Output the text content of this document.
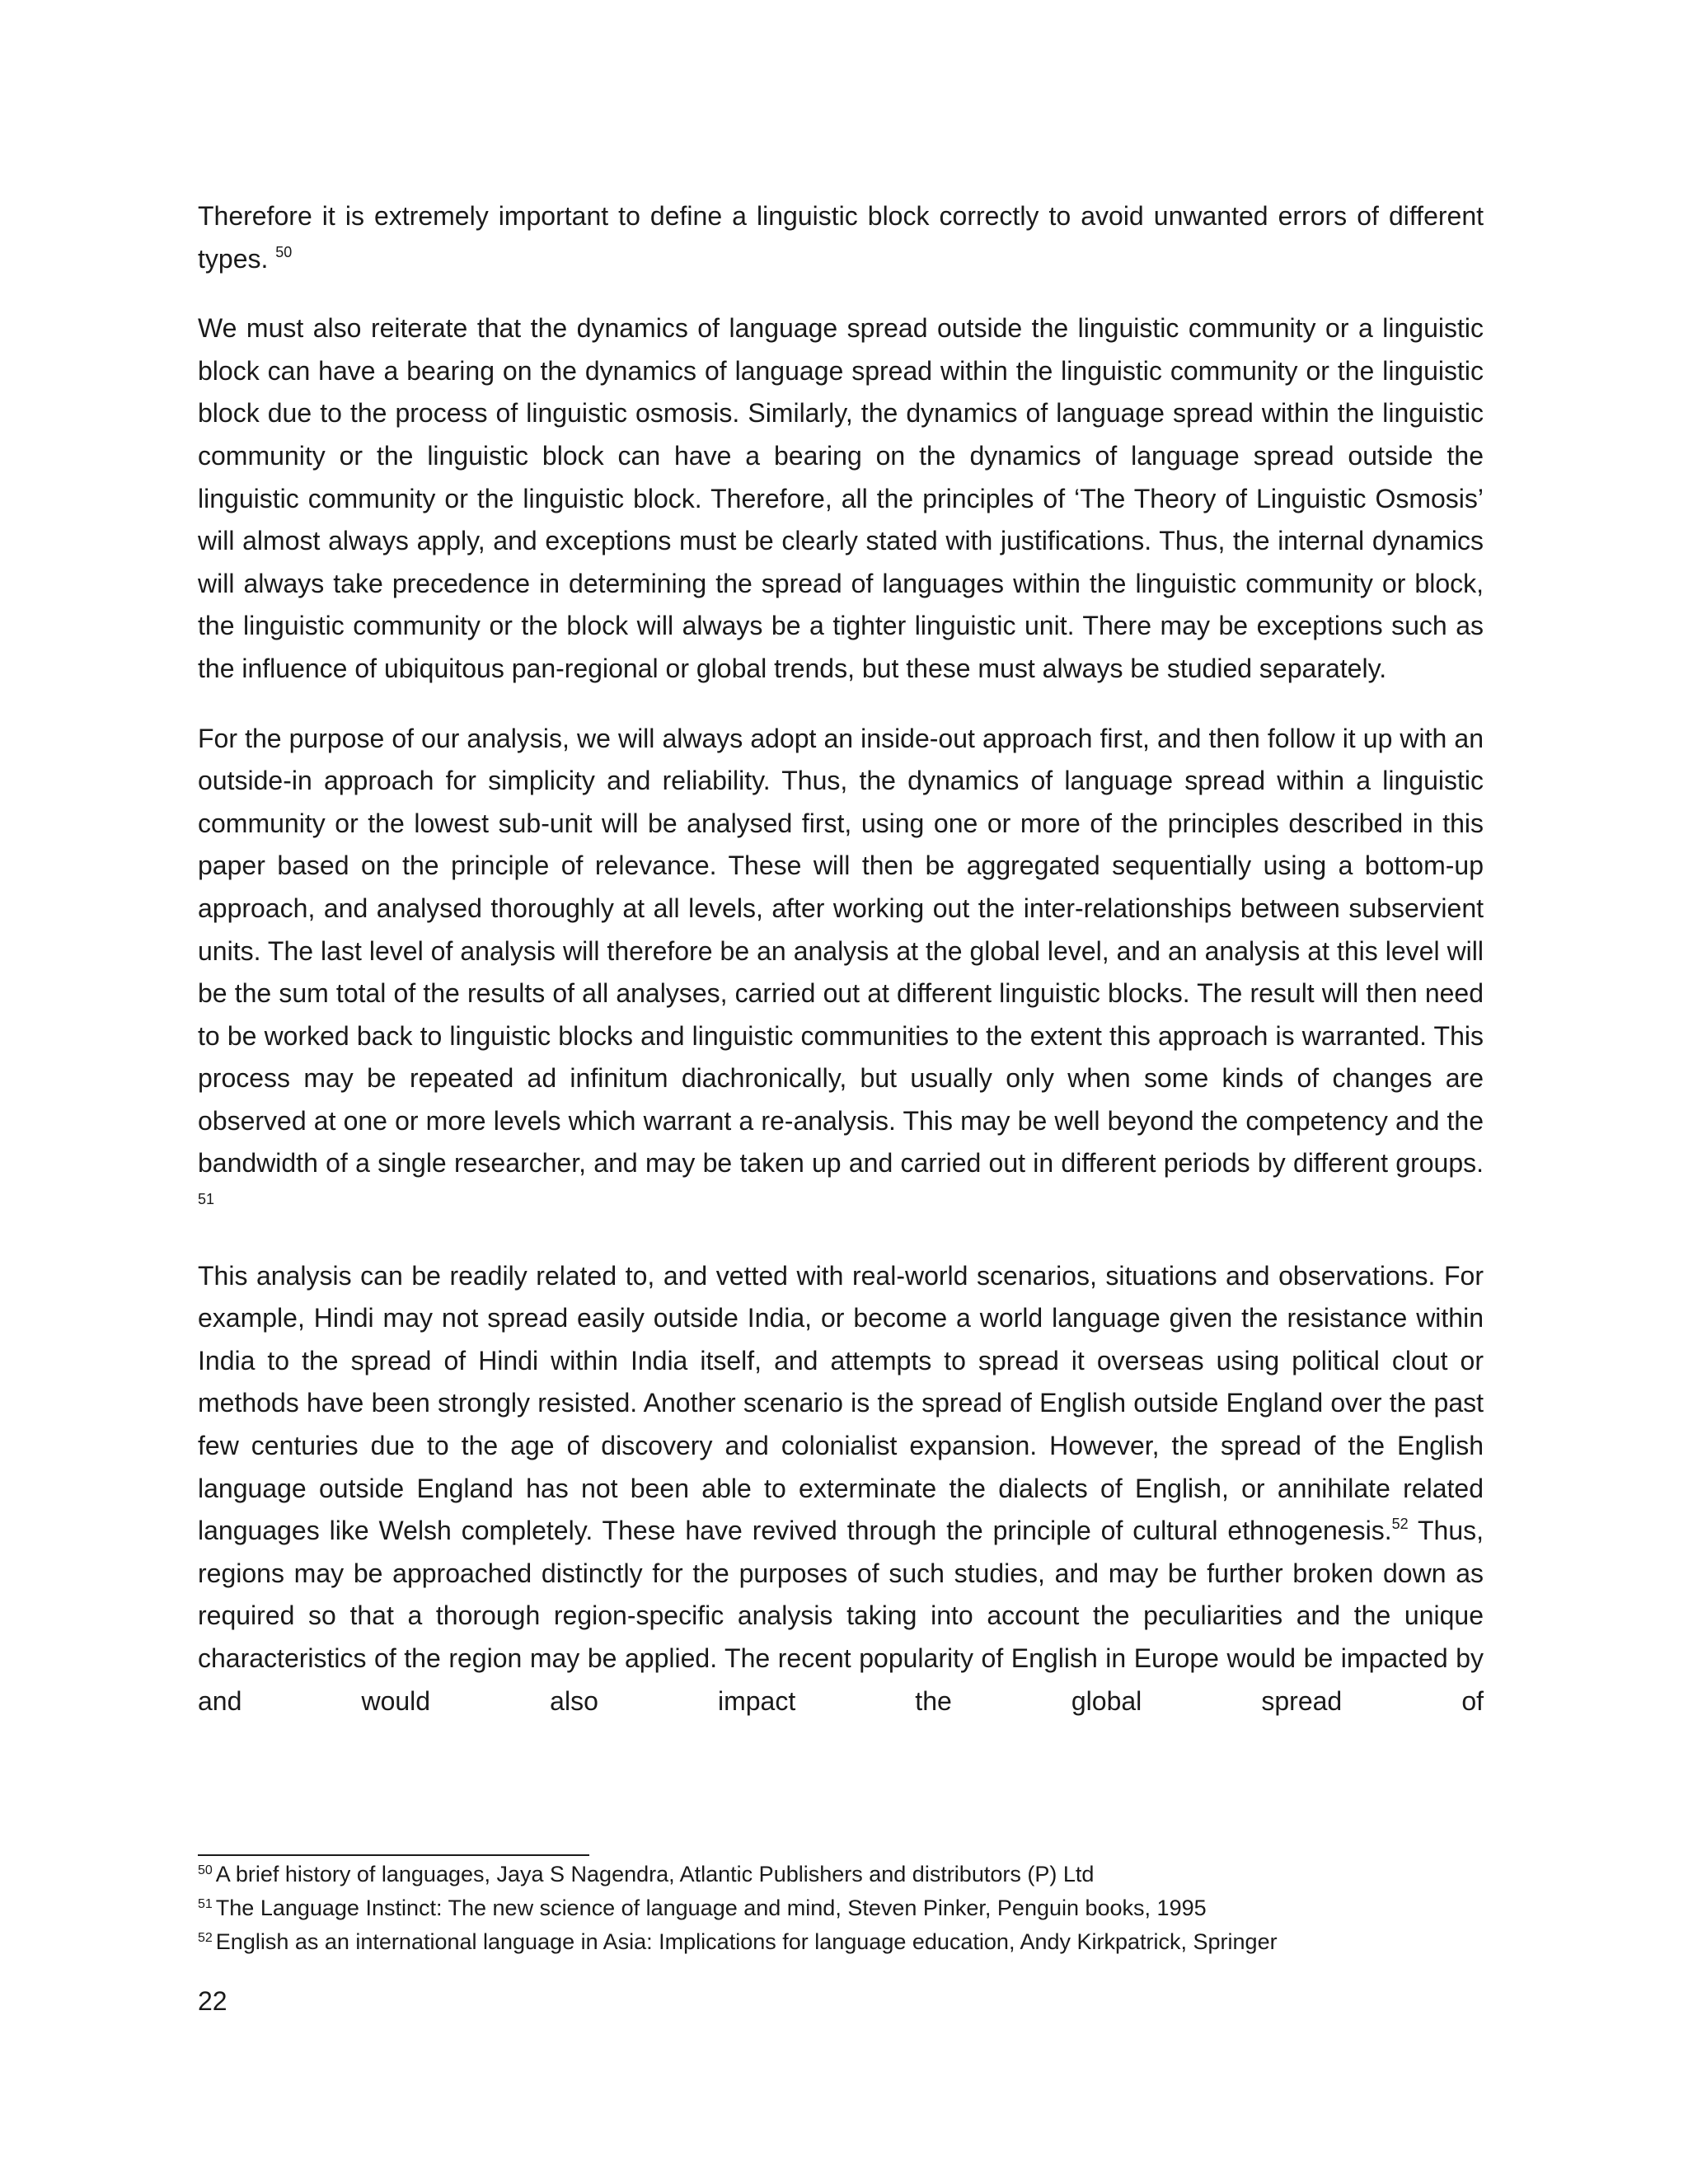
Therefore it is extremely important to define a linguistic block correctly to avoid unwanted errors of different types. $^{50}$

We must also reiterate that the dynamics of language spread outside the linguistic community or a linguistic block can have a bearing on the dynamics of language spread within the linguistic community or the linguistic block due to the process of linguistic osmosis. Similarly, the dynamics of language spread within the linguistic community or the linguistic block can have a bearing on the dynamics of language spread outside the linguistic community or the linguistic block. Therefore, all the principles of ‘The Theory of Linguistic Osmosis’ will almost always apply, and exceptions must be clearly stated with justifications. Thus, the internal dynamics will always take precedence in determining the spread of languages within the linguistic community or block, the linguistic community or the block will always be a tighter linguistic unit. There may be exceptions such as the influence of ubiquitous pan-regional or global trends, but these must always be studied separately.

For the purpose of our analysis, we will always adopt an inside-out approach first, and then follow it up with an outside-in approach for simplicity and reliability. Thus, the dynamics of language spread within a linguistic community or the lowest sub-unit will be analysed first, using one or more of the principles described in this paper based on the principle of relevance. These will then be aggregated sequentially using a bottom-up approach, and analysed thoroughly at all levels, after working out the inter-relationships between subservient units. The last level of analysis will therefore be an analysis at the global level, and an analysis at this level will be the sum total of the results of all analyses, carried out at different linguistic blocks. The result will then need to be worked back to linguistic blocks and linguistic communities to the extent this approach is warranted. This process may be repeated ad infinitum diachronically, but usually only when some kinds of changes are observed at one or more levels which warrant a re-analysis. This may be well beyond the competency and the bandwidth of a single researcher, and may be taken up and carried out in different periods by different groups. $^{51}$

This analysis can be readily related to, and vetted with real-world scenarios, situations and observations. For example, Hindi may not spread easily outside India, or become a world language given the resistance within India to the spread of Hindi within India itself, and attempts to spread it overseas using political clout or methods have been strongly resisted. Another scenario is the spread of English outside England over the past few centuries due to the age of discovery and colonialist expansion. However, the spread of the English language outside England has not been able to exterminate the dialects of English, or annihilate related languages like Welsh completely. These have revived through the principle of cultural ethnogenesis.$^{52}$ Thus, regions may be approached distinctly for the purposes of such studies, and may be further broken down as required so that a thorough region-specific analysis taking into account the peculiarities and the unique characteristics of the region may be applied. The recent popularity of English in Europe would be impacted by and would also impact the global spread of

$^{50}$ A brief history of languages, Jaya S Nagendra, Atlantic Publishers and distributors (P) Ltd
$^{51}$ The Language Instinct: The new science of language and mind, Steven Pinker, Penguin books, 1995
$^{52}$ English as an international language in Asia: Implications for language education, Andy Kirkpatrick, Springer
22
